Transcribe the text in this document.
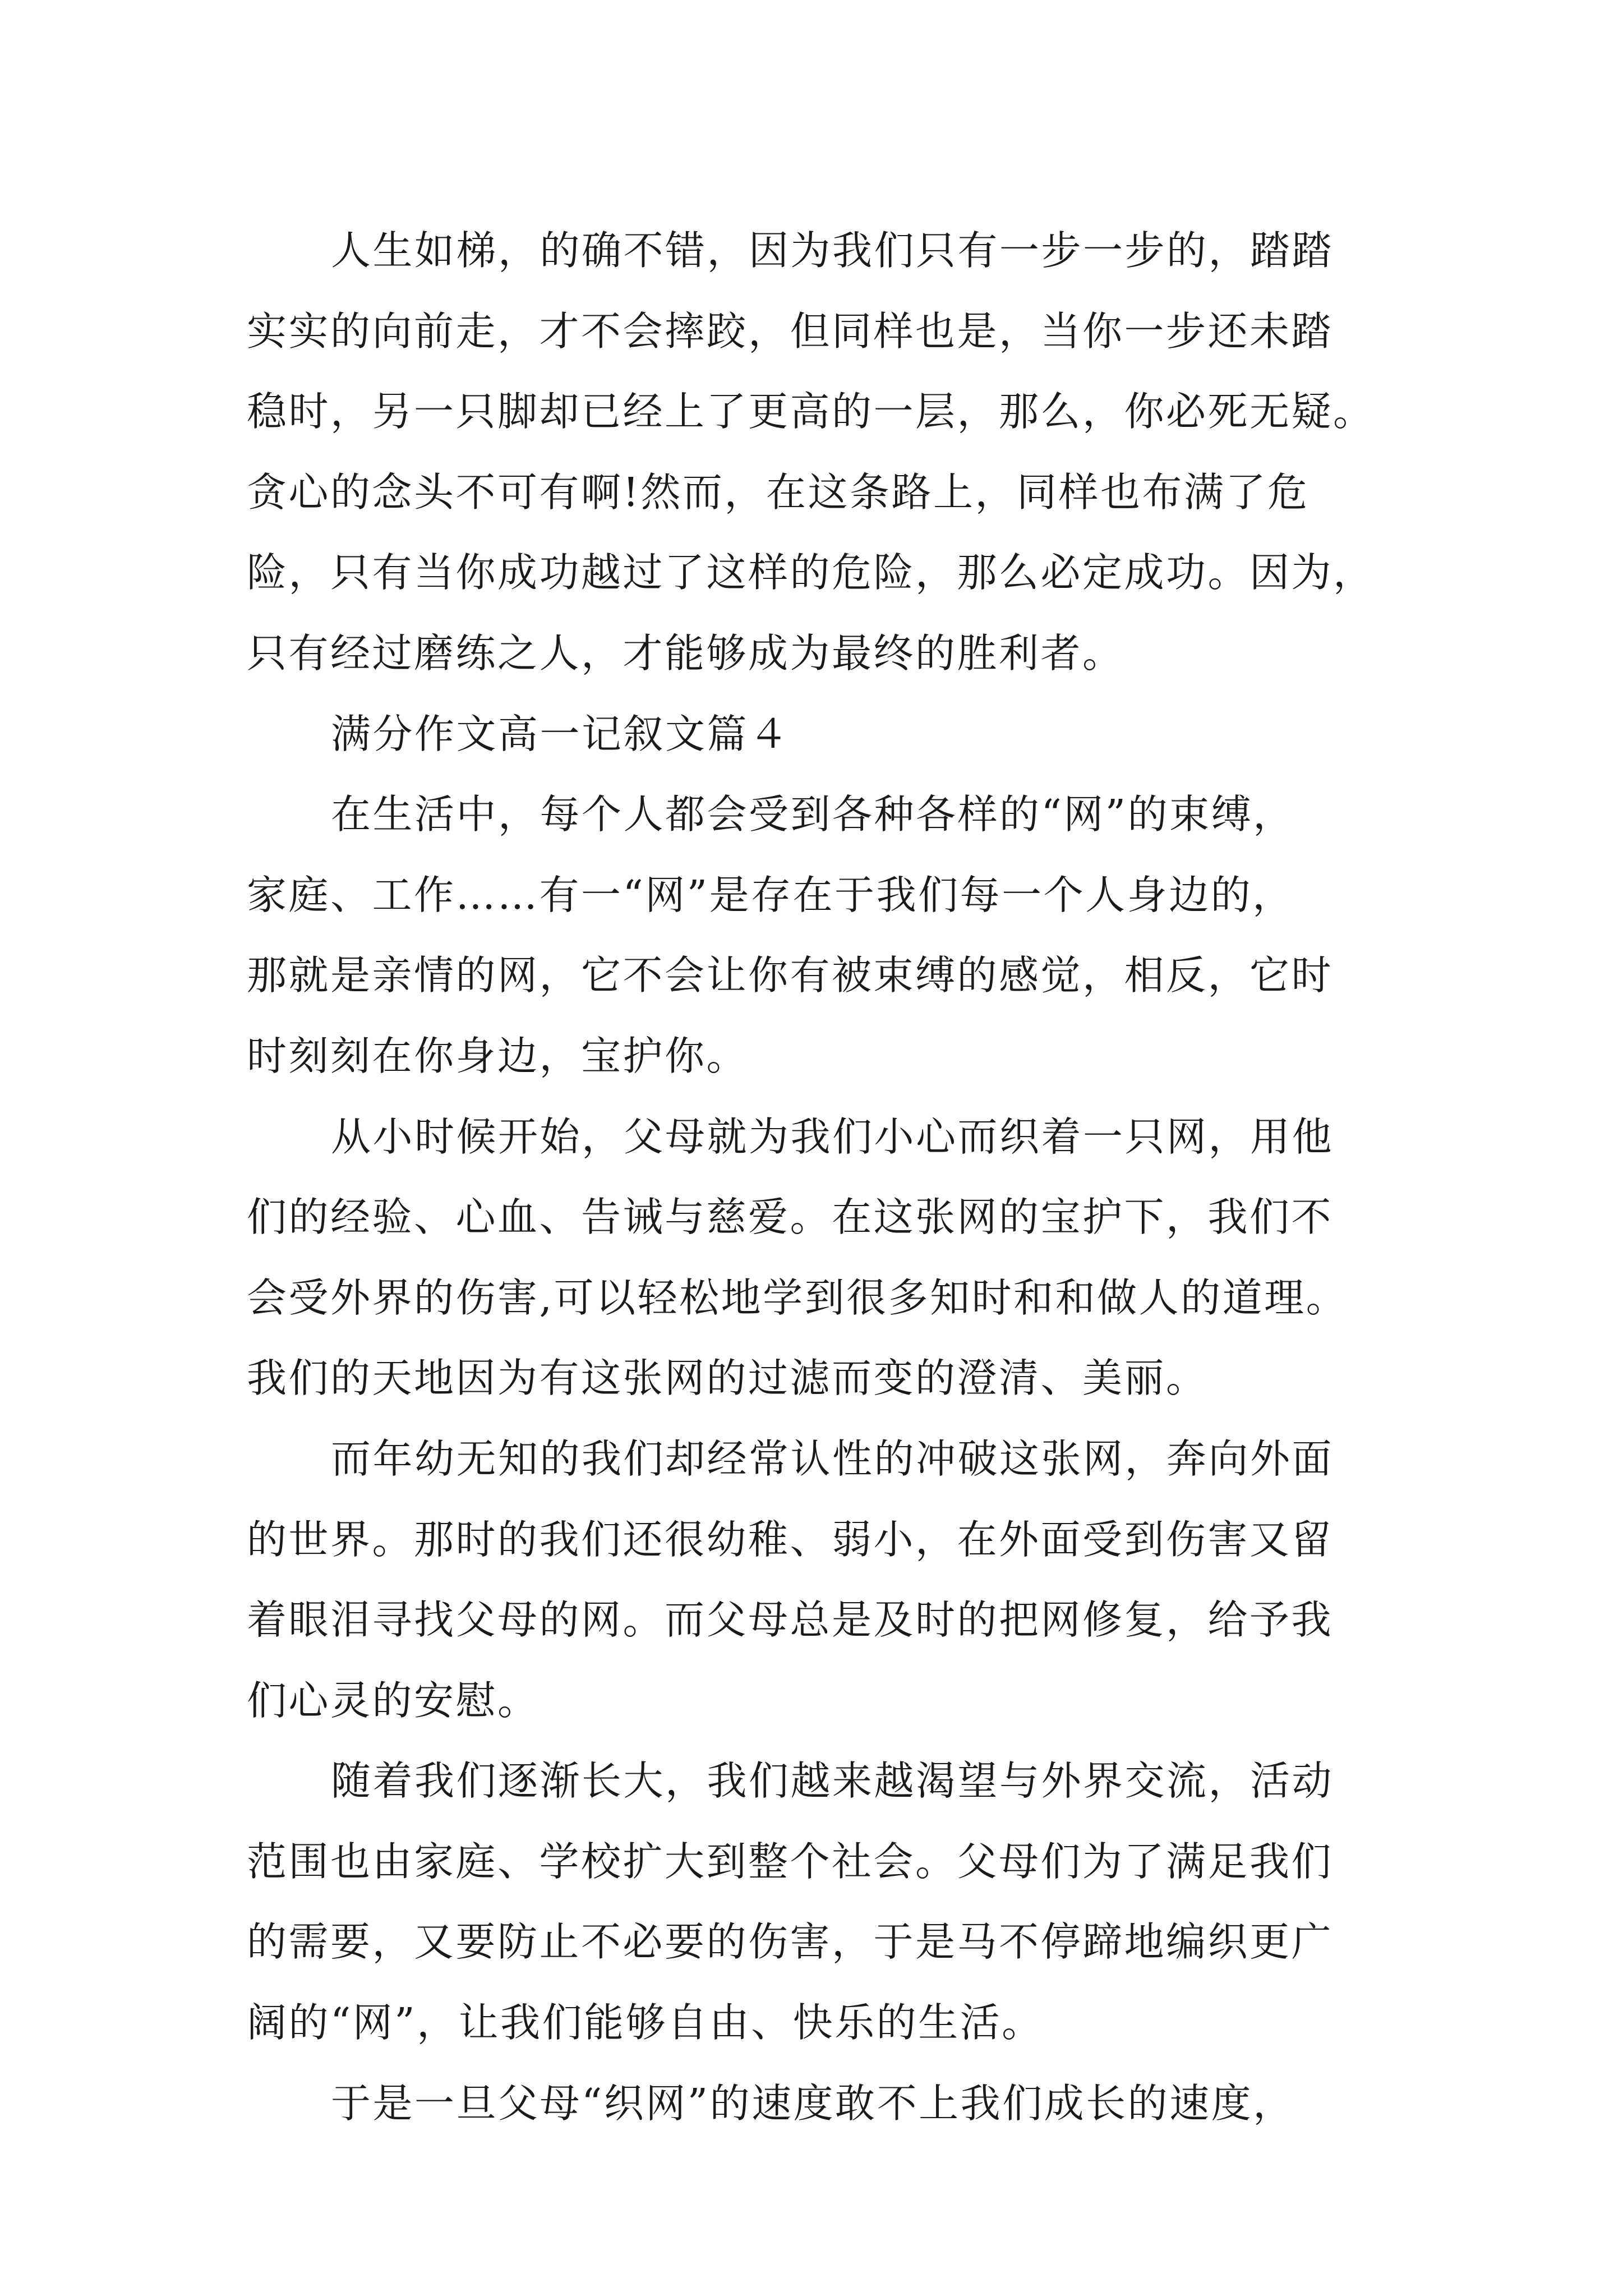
人生如梯，的确不错，因为我们只有一步一步的，踏踏
实实的向前走，才不会摔跤，但同样也是，当你一步还未踏
稳时，另一只脚却已经上了更高的一层，那么，你必死无疑。
贪心的念头不可有啊!然而，在这条路上，同样也布满了危
险，只有当你成功越过了这样的危险，那么必定成功。因为，
只有经过磨练之人，才能够成为最终的胜利者。
满分作文高一记叙文篇４
在生活中，每个人都会受到各种各样的“网”的束缚，
家庭、工作……有一“网”是存在于我们每一个人身边的，
那就是亲情的网，它不会让你有被束缚的感觉，相反，它时
时刻刻在你身边，宝护你。
从小时候开始，父母就为我们小心而织着一只网，用他
们的经验、心血、告诫与慈爱。在这张网的宝护下，我们不
会受外界的伤害,可以轻松地学到很多知时和和做人的道理。
我们的天地因为有这张网的过滤而变的澄清、美丽。
而年幼无知的我们却经常认性的冲破这张网，奔向外面
的世界。那时的我们还很幼稚、弱小，在外面受到伤害又留
着眼泪寻找父母的网。而父母总是及时的把网修复，给予我
们心灵的安慰。
随着我们逐渐长大，我们越来越渴望与外界交流，活动
范围也由家庭、学校扩大到整个社会。父母们为了满足我们
的需要，又要防止不必要的伤害，于是马不停蹄地编织更广
阔的“网”，让我们能够自由、快乐的生活。
于是一旦父母“织网”的速度敢不上我们成长的速度，
